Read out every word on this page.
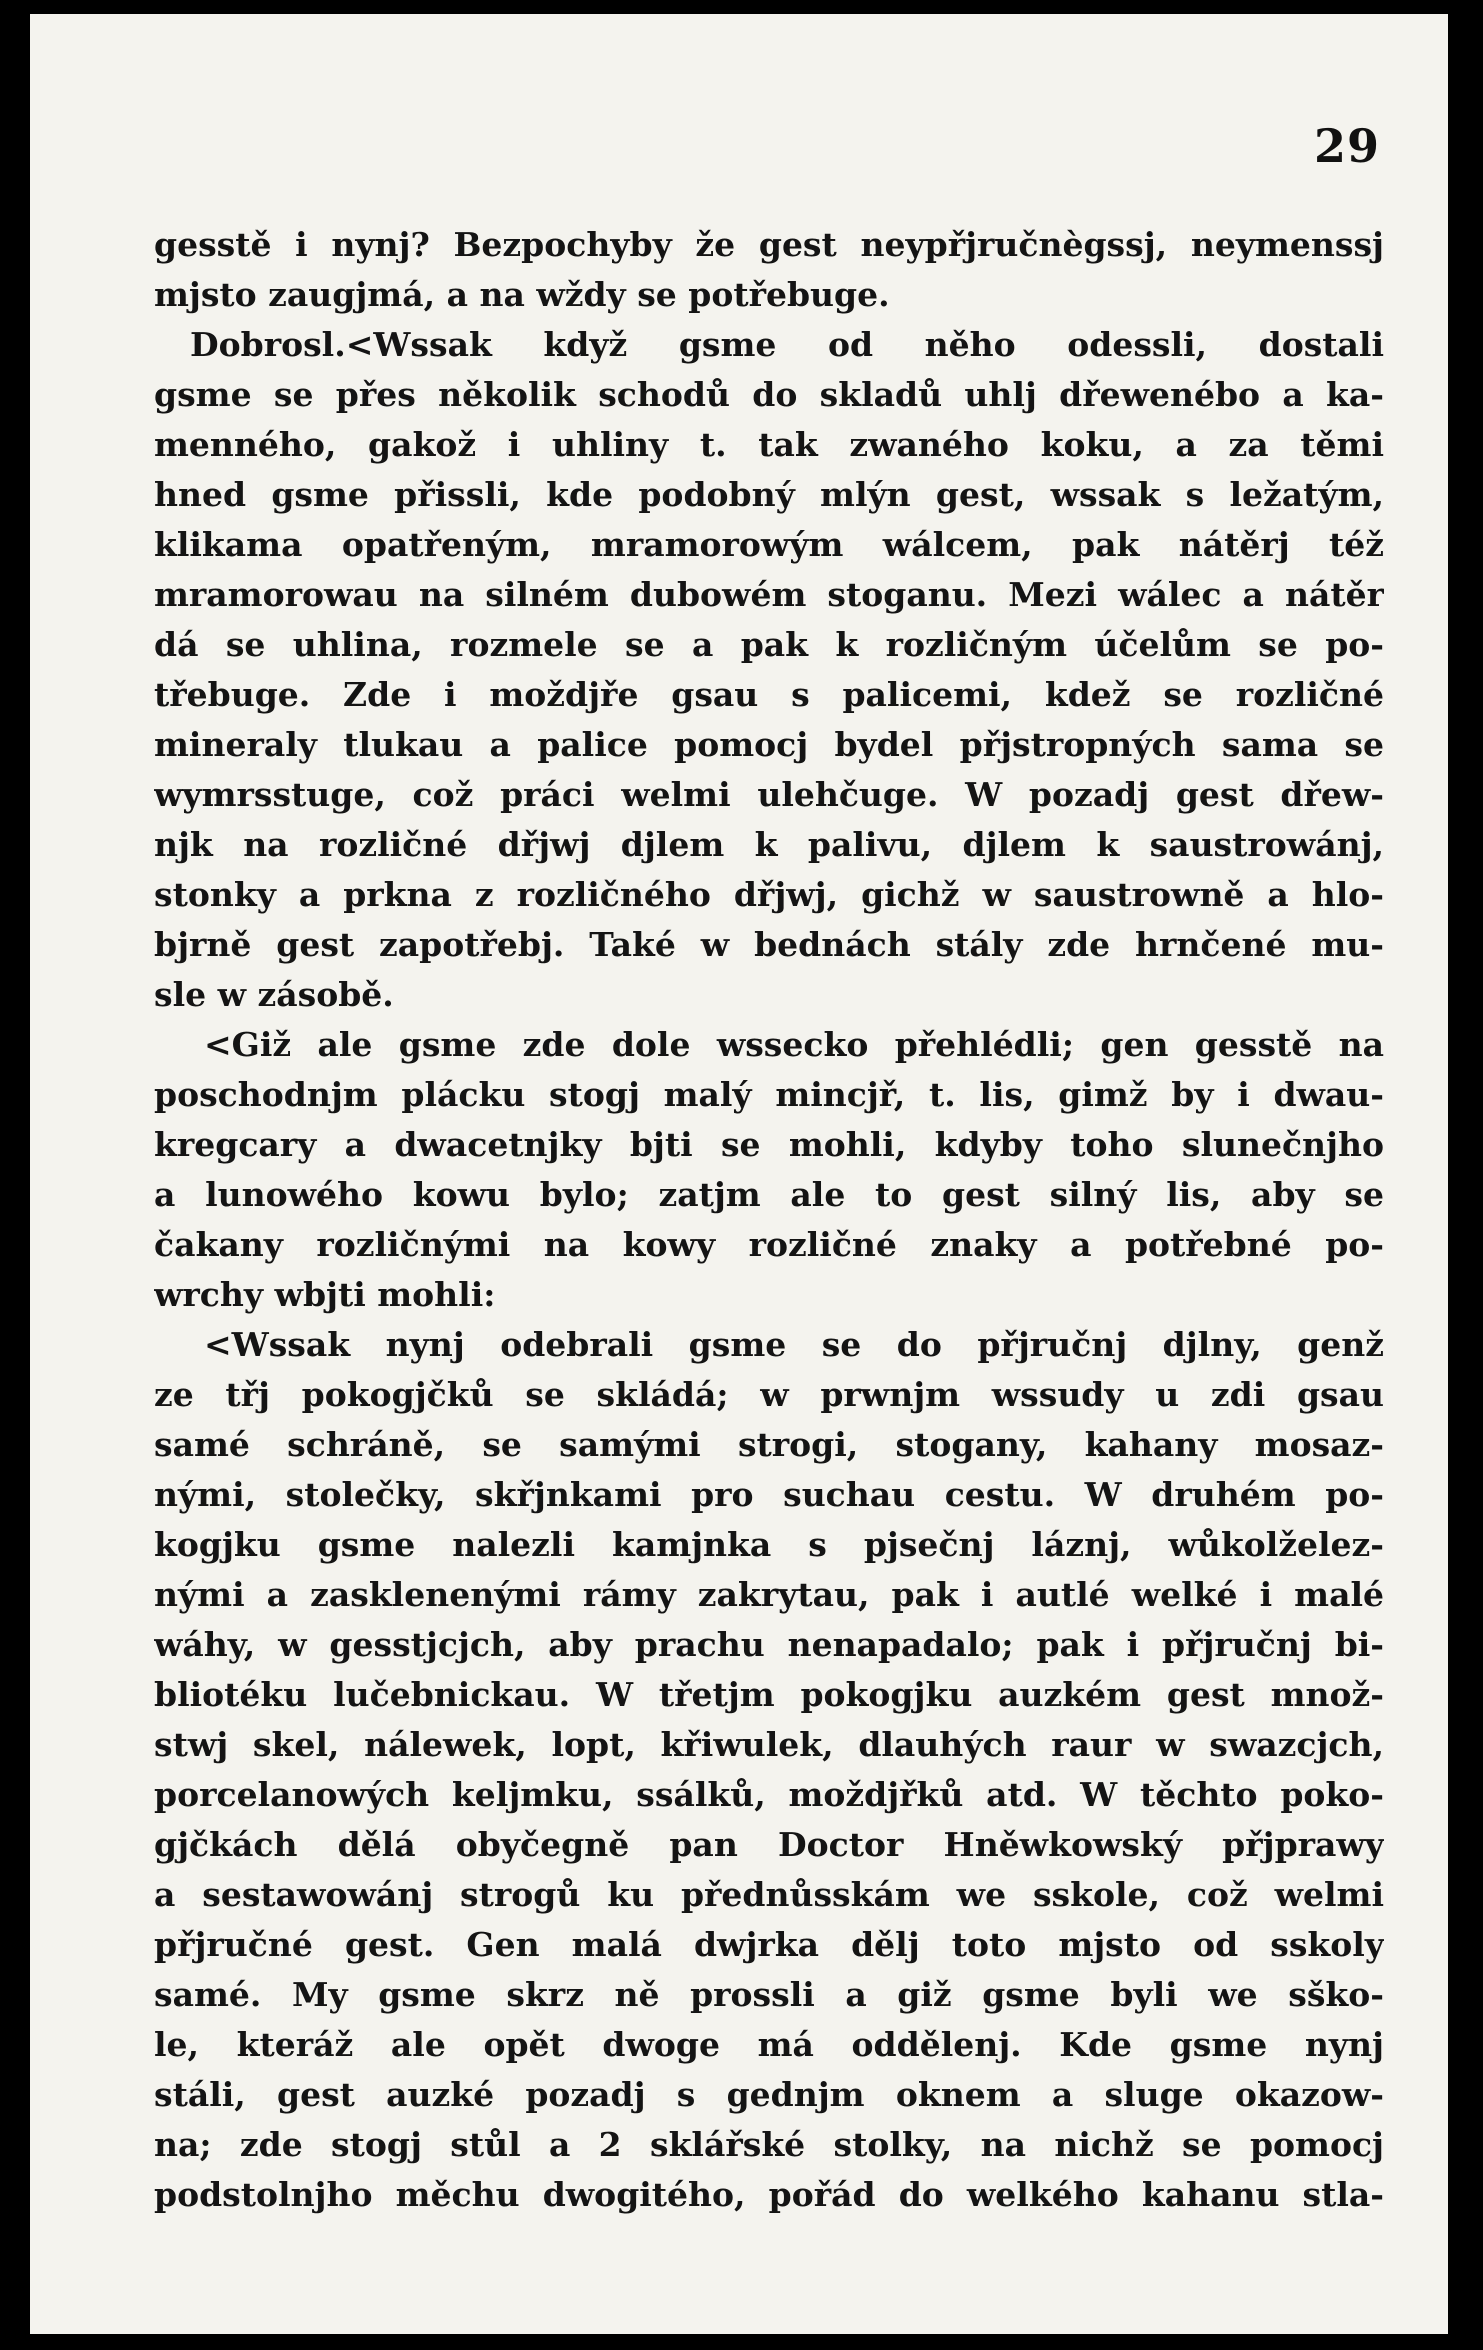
29
gesstě i nynj? Bezpochyby že gest neypřjručnègssj, neymenssj
mjsto zaugjmá, a na wždy se potřebuge.
Dobrosl.<Wssak když gsme od něho odessli, dostali
gsme se přes několik schodů do skladů uhlj dřewenébo a ka-
menného, gakož i uhliny t. tak zwaného koku, a za těmi
hned gsme přissli, kde podobný mlýn gest, wssak s ležatým,
klikama opatřeným, mramorowým wálcem, pak nátěrj též
mramorowau na silném dubowém stoganu. Mezi wálec a nátěr
dá se uhlina, rozmele se a pak k rozličným účelům se po-
třebuge. Zde i moždjře gsau s palicemi, kdež se rozličné
mineraly tlukau a palice pomocj bydel přjstropných sama se
wymrsstuge, což práci welmi ulehčuge. W pozadj gest dřew-
njk na rozličné dřjwj djlem k palivu, djlem k saustrowánj,
stonky a prkna z rozličného dřjwj, gichž w saustrowně a hlo-
bjrně gest zapotřebj. Také w bednách stály zde hrnčené mu-
sle w zásobě.
<Giž ale gsme zde dole wssecko přehlédli; gen gesstě na
poschodnjm plácku stogj malý mincjř, t. lis, gimž by i dwau-
kregcary a dwacetnjky bjti se mohli, kdyby toho slunečnjho
a lunowého kowu bylo; zatjm ale to gest silný lis, aby se
čakany rozličnými na kowy rozličné znaky a potřebné po-
wrchy wbjti mohli:
<Wssak nynj odebrali gsme se do přjručnj djlny, genž
ze třj pokogjčků se skládá; w prwnjm wssudy u zdi gsau
samé schráně, se samými strogi, stogany, kahany mosaz-
nými, stolečky, skřjnkami pro suchau cestu. W druhém po-
kogjku gsme nalezli kamjnka s pjsečnj láznj, wůkolželez-
nými a zasklenenými rámy zakrytau, pak i autlé welké i malé
wáhy, w gesstjcjch, aby prachu nenapadalo; pak i přjručnj bi-
bliotéku lučebnickau. W třetjm pokogjku auzkém gest množ-
stwj skel, nálewek, lopt, křiwulek, dlauhých raur w swazcjch,
porcelanowých keljmku, ssálků, moždjřků atd. W těchto poko-
gjčkách dělá obyčegně pan Doctor Hněwkowský přjprawy
a sestawowánj strogů ku přednůsskám we sskole, což welmi
přjručné gest. Gen malá dwjrka dělj toto mjsto od sskoly
samé. My gsme skrz ně prossli a giž gsme byli we sško-
le, kteráž ale opět dwoge má oddělenj. Kde gsme nynj
stáli, gest auzké pozadj s gednjm oknem a sluge okazow-
na; zde stogj stůl a 2 sklářské stolky, na nichž se pomocj
podstolnjho měchu dwogitého, pořád do welkého kahanu stla-
